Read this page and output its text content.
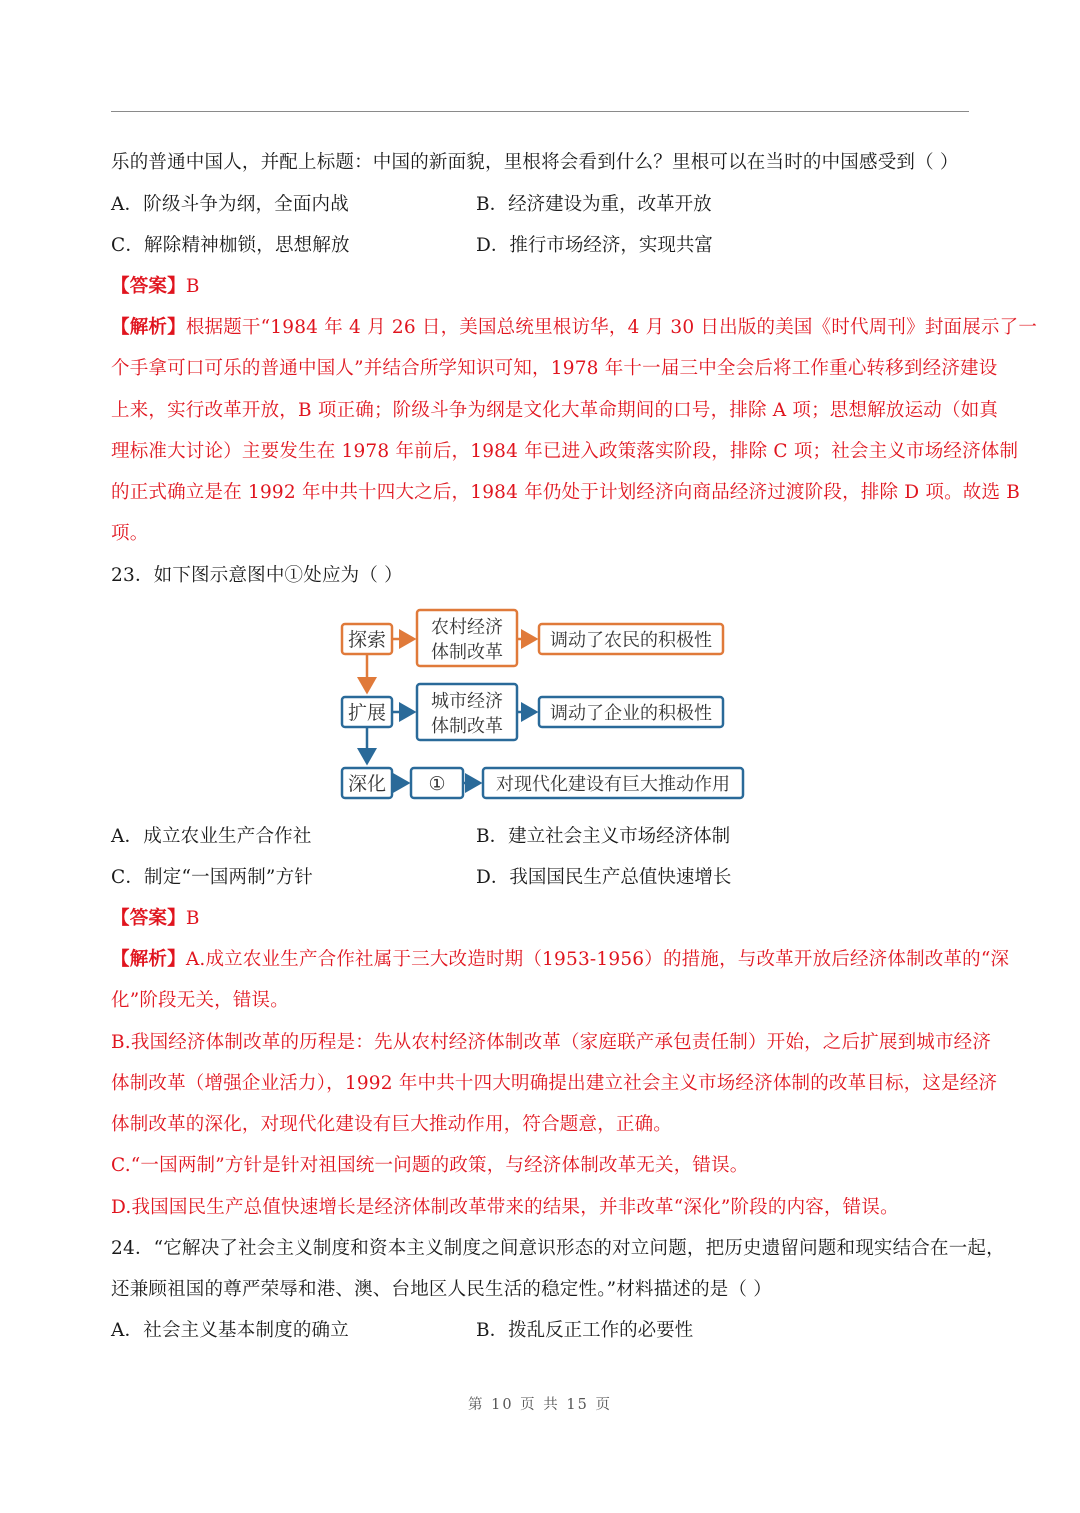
乐的普通中国人，并配上标题：中国的新面貌，里根将会看到什么？里根可以在当时的中国感受到（ ）
A．阶级斗争为纲，全面内战	B．经济建设为重，改革开放
C．解除精神枷锁，思想解放	D．推行市场经济，实现共富
【答案】B
【解析】根据题干“1984 年 4 月 26 日，美国总统里根访华，4 月 30 日出版的美国《时代周刊》封面展示了一
个手拿可口可乐的普通中国人”并结合所学知识可知，1978 年十一届三中全会后将工作重心转移到经济建设
上来，实行改革开放，B 项正确；阶级斗争为纲是文化大革命期间的口号，排除 A 项；思想解放运动（如真
理标准大讨论）主要发生在 1978 年前后，1984 年已进入政策落实阶段，排除 C 项；社会主义市场经济体制
的正式确立是在 1992 年中共十四大之后，1984 年仍处于计划经济向商品经济过渡阶段，排除 D 项。故选 B
项。
23．如下图示意图中①处应为（ ）
探索
农村经济
体制改革
调动了农民的积极性
扩展
城市经济
体制改革
调动了企业的积极性
深化 ①	对现代化建设有巨大推动作用
A．成立农业生产合作社	B．建立社会主义市场经济体制
C．制定“一国两制”方针	D．我国国民生产总值快速增长
【答案】B
【解析】A.成立农业生产合作社属于三大改造时期（1953-1956）的措施，与改革开放后经济体制改革的“深
化”阶段无关，错误。
B.我国经济体制改革的历程是：先从农村经济体制改革（家庭联产承包责任制）开始，之后扩展到城市经济
体制改革（增强企业活力），1992 年中共十四大明确提出建立社会主义市场经济体制的改革目标，这是经济
体制改革的深化，对现代化建设有巨大推动作用，符合题意，正确。
C.“一国两制”方针是针对祖国统一问题的政策，与经济体制改革无关，错误。
D.我国国民生产总值快速增长是经济体制改革带来的结果，并非改革“深化”阶段的内容，错误。
24．“它解决了社会主义制度和资本主义制度之间意识形态的对立问题，把历史遗留问题和现实结合在一起，
还兼顾祖国的尊严荣辱和港、澳、台地区人民生活的稳定性。”材料描述的是（ ）
A．社会主义基本制度的确立	B．拨乱反正工作的必要性
第 10 页 共 15 页
